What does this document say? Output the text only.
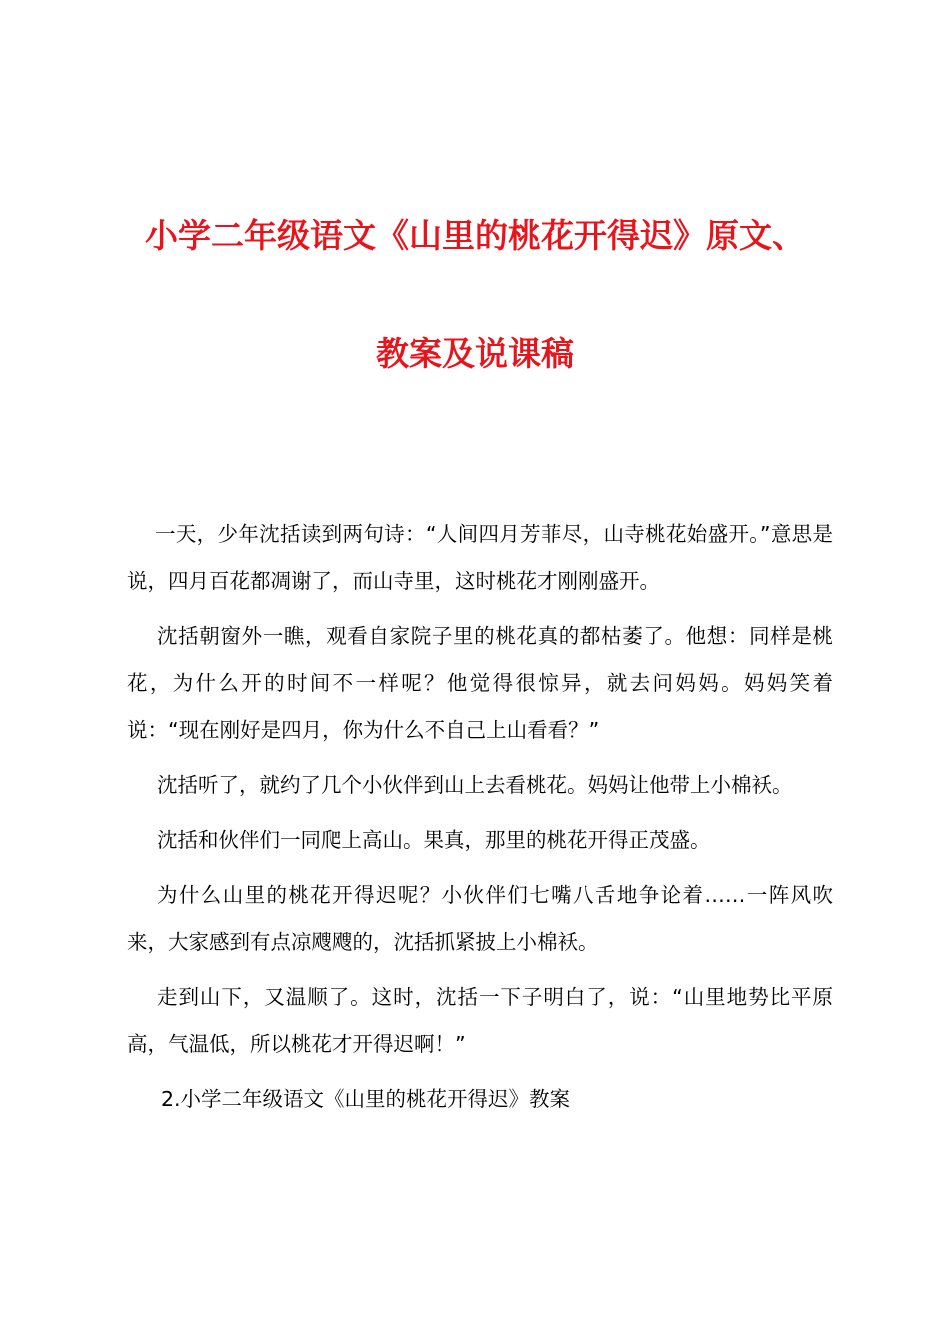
小学二年级语文《山里的桃花开得迟》原文、
教案及说课稿

一天，少年沈括读到两句诗：“人间四月芳菲尽，山寺桃花始盛开。”意思是说，四月百花都凋谢了，而山寺里，这时桃花才刚刚盛开。

沈括朝窗外一瞧，观看自家院子里的桃花真的都枯萎了。他想：同样是桃花，为什么开的时间不一样呢？他觉得很惊异，就去问妈妈。妈妈笑着说：“现在刚好是四月，你为什么不自己上山看看？”

沈括听了，就约了几个小伙伴到山上去看桃花。妈妈让他带上小棉袄。

沈括和伙伴们一同爬上高山。果真，那里的桃花开得正茂盛。

为什么山里的桃花开得迟呢？小伙伴们七嘴八舌地争论着……一阵风吹来，大家感到有点凉飕飕的，沈括抓紧披上小棉袄。

走到山下，又温顺了。这时，沈括一下子明白了，说：“山里地势比平原高，气温低，所以桃花才开得迟啊！”

2.小学二年级语文《山里的桃花开得迟》教案
